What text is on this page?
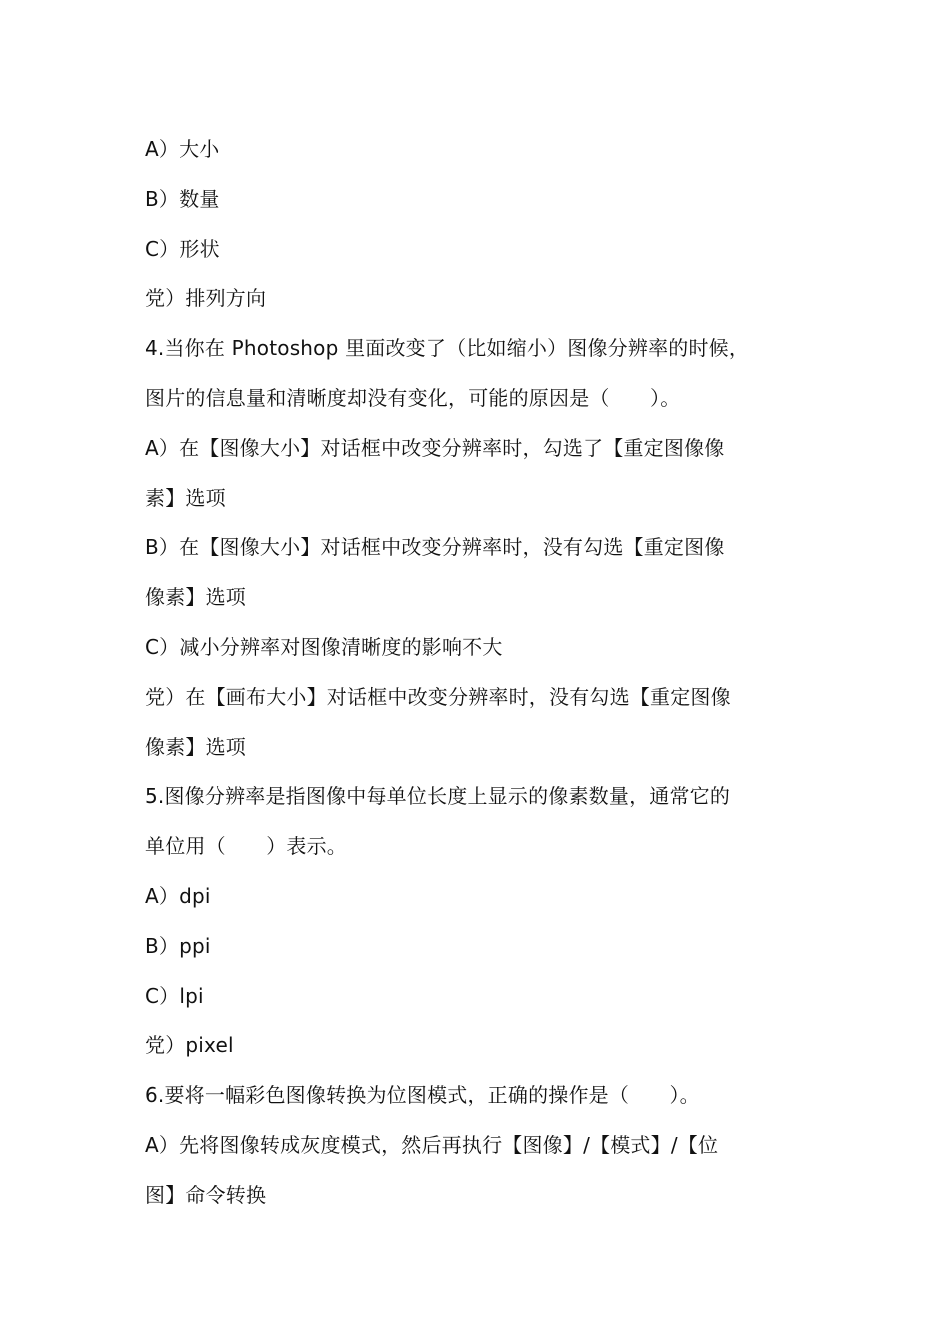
A）大小
B）数量
C）形状
党）排列方向
4.当你在 Photoshop 里面改变了（比如缩小）图像分辨率的时候，
图片的信息量和清晰度却没有变化，可能的原因是（　　）。
A）在【图像大小】对话框中改变分辨率时，勾选了【重定图像像
素】选项
B）在【图像大小】对话框中改变分辨率时，没有勾选【重定图像
像素】选项
C）减小分辨率对图像清晰度的影响不大
党）在【画布大小】对话框中改变分辨率时，没有勾选【重定图像
像素】选项
5.图像分辨率是指图像中每单位长度上显示的像素数量，通常它的
单位用（　　）表示。
A）dpi
B）ppi
C）lpi
党）pixel
6.要将一幅彩色图像转换为位图模式，正确的操作是（　　）。
A）先将图像转成灰度模式，然后再执行【图像】/【模式】/【位
图】命令转换
